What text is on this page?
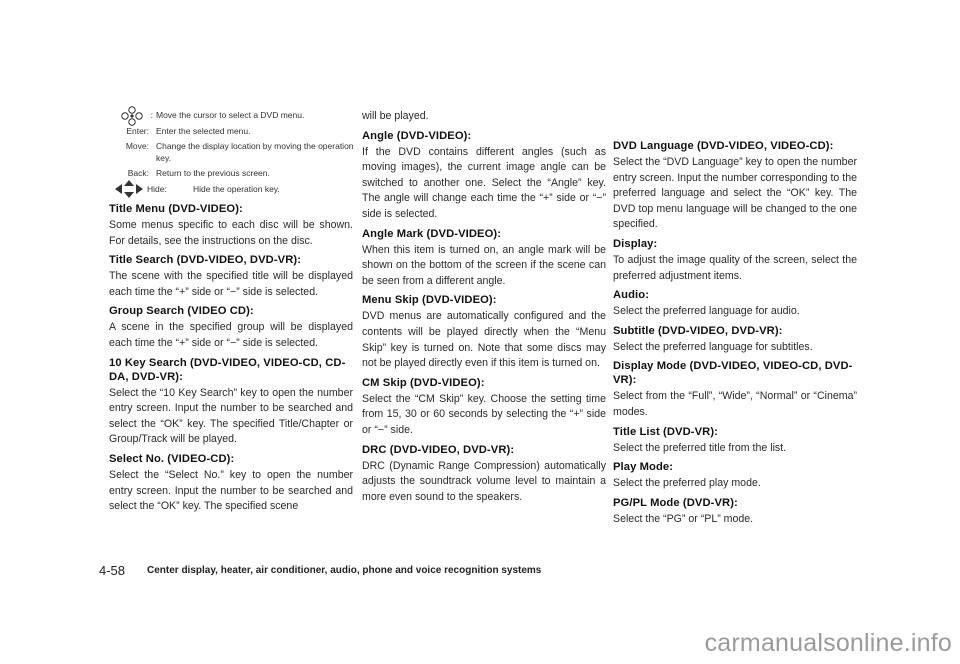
: Move the cursor to select a DVD menu.
Enter: Enter the selected menu.
Move: Change the display location by moving the operation key.
Back: Return to the previous screen.
Hide:	Hide the operation key.
Title Menu (DVD-VIDEO):
Some menus specific to each disc will be shown. For details, see the instructions on the disc.
Title Search (DVD-VIDEO, DVD-VR):
The scene with the specified title will be displayed each time the “+” side or “−” side is selected.
Group Search (VIDEO CD):
A scene in the specified group will be displayed each time the “+” side or “−” side is selected.
10 Key Search (DVD-VIDEO, VIDEO-CD, CD-DA, DVD-VR):
Select the “10 Key Search” key to open the number entry screen. Input the number to be searched and select the “OK” key. The specified Title/Chapter or Group/Track will be played.
Select No. (VIDEO-CD):
Select the “Select No.” key to open the number entry screen. Input the number to be searched and select the “OK” key. The specified scene
will be played.
Angle (DVD-VIDEO):
If the DVD contains different angles (such as moving images), the current image angle can be switched to another one. Select the “Angle” key. The angle will change each time the “+” side or “−” side is selected.
Angle Mark (DVD-VIDEO):
When this item is turned on, an angle mark will be shown on the bottom of the screen if the scene can be seen from a different angle.
Menu Skip (DVD-VIDEO):
DVD menus are automatically configured and the contents will be played directly when the “Menu Skip” key is turned on. Note that some discs may not be played directly even if this item is turned on.
CM Skip (DVD-VIDEO):
Select the “CM Skip” key. Choose the setting time from 15, 30 or 60 seconds by selecting the “+” side or “−” side.
DRC (DVD-VIDEO, DVD-VR):
DRC (Dynamic Range Compression) automatically adjusts the soundtrack volume level to maintain a more even sound to the speakers.
DVD Language (DVD-VIDEO, VIDEO-CD):
Select the “DVD Language” key to open the number entry screen. Input the number corresponding to the preferred language and select the “OK” key. The DVD top menu language will be changed to the one specified.
Display:
To adjust the image quality of the screen, select the preferred adjustment items.
Audio:
Select the preferred language for audio.
Subtitle (DVD-VIDEO, DVD-VR):
Select the preferred language for subtitles.
Display Mode (DVD-VIDEO, VIDEO-CD, DVD-VR):
Select from the “Full”, “Wide”, “Normal” or “Cinema” modes.
Title List (DVD-VR):
Select the preferred title from the list.
Play Mode:
Select the preferred play mode.
PG/PL Mode (DVD-VR):
Select the “PG” or “PL” mode.
4-58 Center display, heater, air conditioner, audio, phone and voice recognition systems
carmanualsonline.info
